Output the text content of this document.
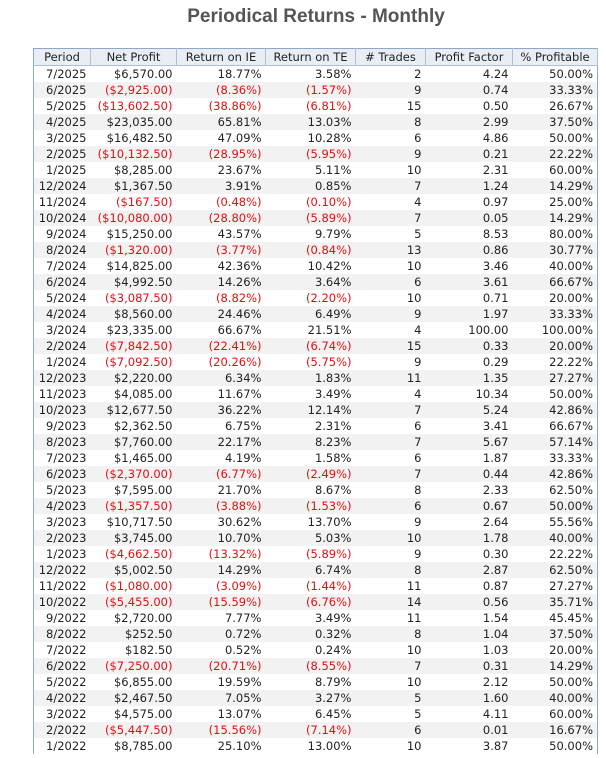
Periodical Returns - Monthly
Period	Net Profit	Return on IE	Return on TE	# Trades	Profit Factor	% Profitable
7/2025	$6,570.00	18.77%	3.58%	2	4.24	50.00%
6/2025	($2,925.00)	(8.36%)	(1.57%)	9	0.74	33.33%
5/2025	($13,602.50)	(38.86%)	(6.81%)	15	0.50	26.67%
4/2025	$23,035.00	65.81%	13.03%	8	2.99	37.50%
3/2025	$16,482.50	47.09%	10.28%	6	4.86	50.00%
2/2025	($10,132.50)	(28.95%)	(5.95%)	9	0.21	22.22%
1/2025	$8,285.00	23.67%	5.11%	10	2.31	60.00%
12/2024	$1,367.50	3.91%	0.85%	7	1.24	14.29%
11/2024	($167.50)	(0.48%)	(0.10%)	4	0.97	25.00%
10/2024	($10,080.00)	(28.80%)	(5.89%)	7	0.05	14.29%
9/2024	$15,250.00	43.57%	9.79%	5	8.53	80.00%
8/2024	($1,320.00)	(3.77%)	(0.84%)	13	0.86	30.77%
7/2024	$14,825.00	42.36%	10.42%	10	3.46	40.00%
6/2024	$4,992.50	14.26%	3.64%	6	3.61	66.67%
5/2024	($3,087.50)	(8.82%)	(2.20%)	10	0.71	20.00%
4/2024	$8,560.00	24.46%	6.49%	9	1.97	33.33%
3/2024	$23,335.00	66.67%	21.51%	4	100.00	100.00%
2/2024	($7,842.50)	(22.41%)	(6.74%)	15	0.33	20.00%
1/2024	($7,092.50)	(20.26%)	(5.75%)	9	0.29	22.22%
12/2023	$2,220.00	6.34%	1.83%	11	1.35	27.27%
11/2023	$4,085.00	11.67%	3.49%	4	10.34	50.00%
10/2023	$12,677.50	36.22%	12.14%	7	5.24	42.86%
9/2023	$2,362.50	6.75%	2.31%	6	3.41	66.67%
8/2023	$7,760.00	22.17%	8.23%	7	5.67	57.14%
7/2023	$1,465.00	4.19%	1.58%	6	1.87	33.33%
6/2023	($2,370.00)	(6.77%)	(2.49%)	7	0.44	42.86%
5/2023	$7,595.00	21.70%	8.67%	8	2.33	62.50%
4/2023	($1,357.50)	(3.88%)	(1.53%)	6	0.67	50.00%
3/2023	$10,717.50	30.62%	13.70%	9	2.64	55.56%
2/2023	$3,745.00	10.70%	5.03%	10	1.78	40.00%
1/2023	($4,662.50)	(13.32%)	(5.89%)	9	0.30	22.22%
12/2022	$5,002.50	14.29%	6.74%	8	2.87	62.50%
11/2022	($1,080.00)	(3.09%)	(1.44%)	11	0.87	27.27%
10/2022	($5,455.00)	(15.59%)	(6.76%)	14	0.56	35.71%
9/2022	$2,720.00	7.77%	3.49%	11	1.54	45.45%
8/2022	$252.50	0.72%	0.32%	8	1.04	37.50%
7/2022	$182.50	0.52%	0.24%	10	1.03	20.00%
6/2022	($7,250.00)	(20.71%)	(8.55%)	7	0.31	14.29%
5/2022	$6,855.00	19.59%	8.79%	10	2.12	50.00%
4/2022	$2,467.50	7.05%	3.27%	5	1.60	40.00%
3/2022	$4,575.00	13.07%	6.45%	5	4.11	60.00%
2/2022	($5,447.50)	(15.56%)	(7.14%)	6	0.01	16.67%
1/2022	$8,785.00	25.10%	13.00%	10	3.87	50.00%
